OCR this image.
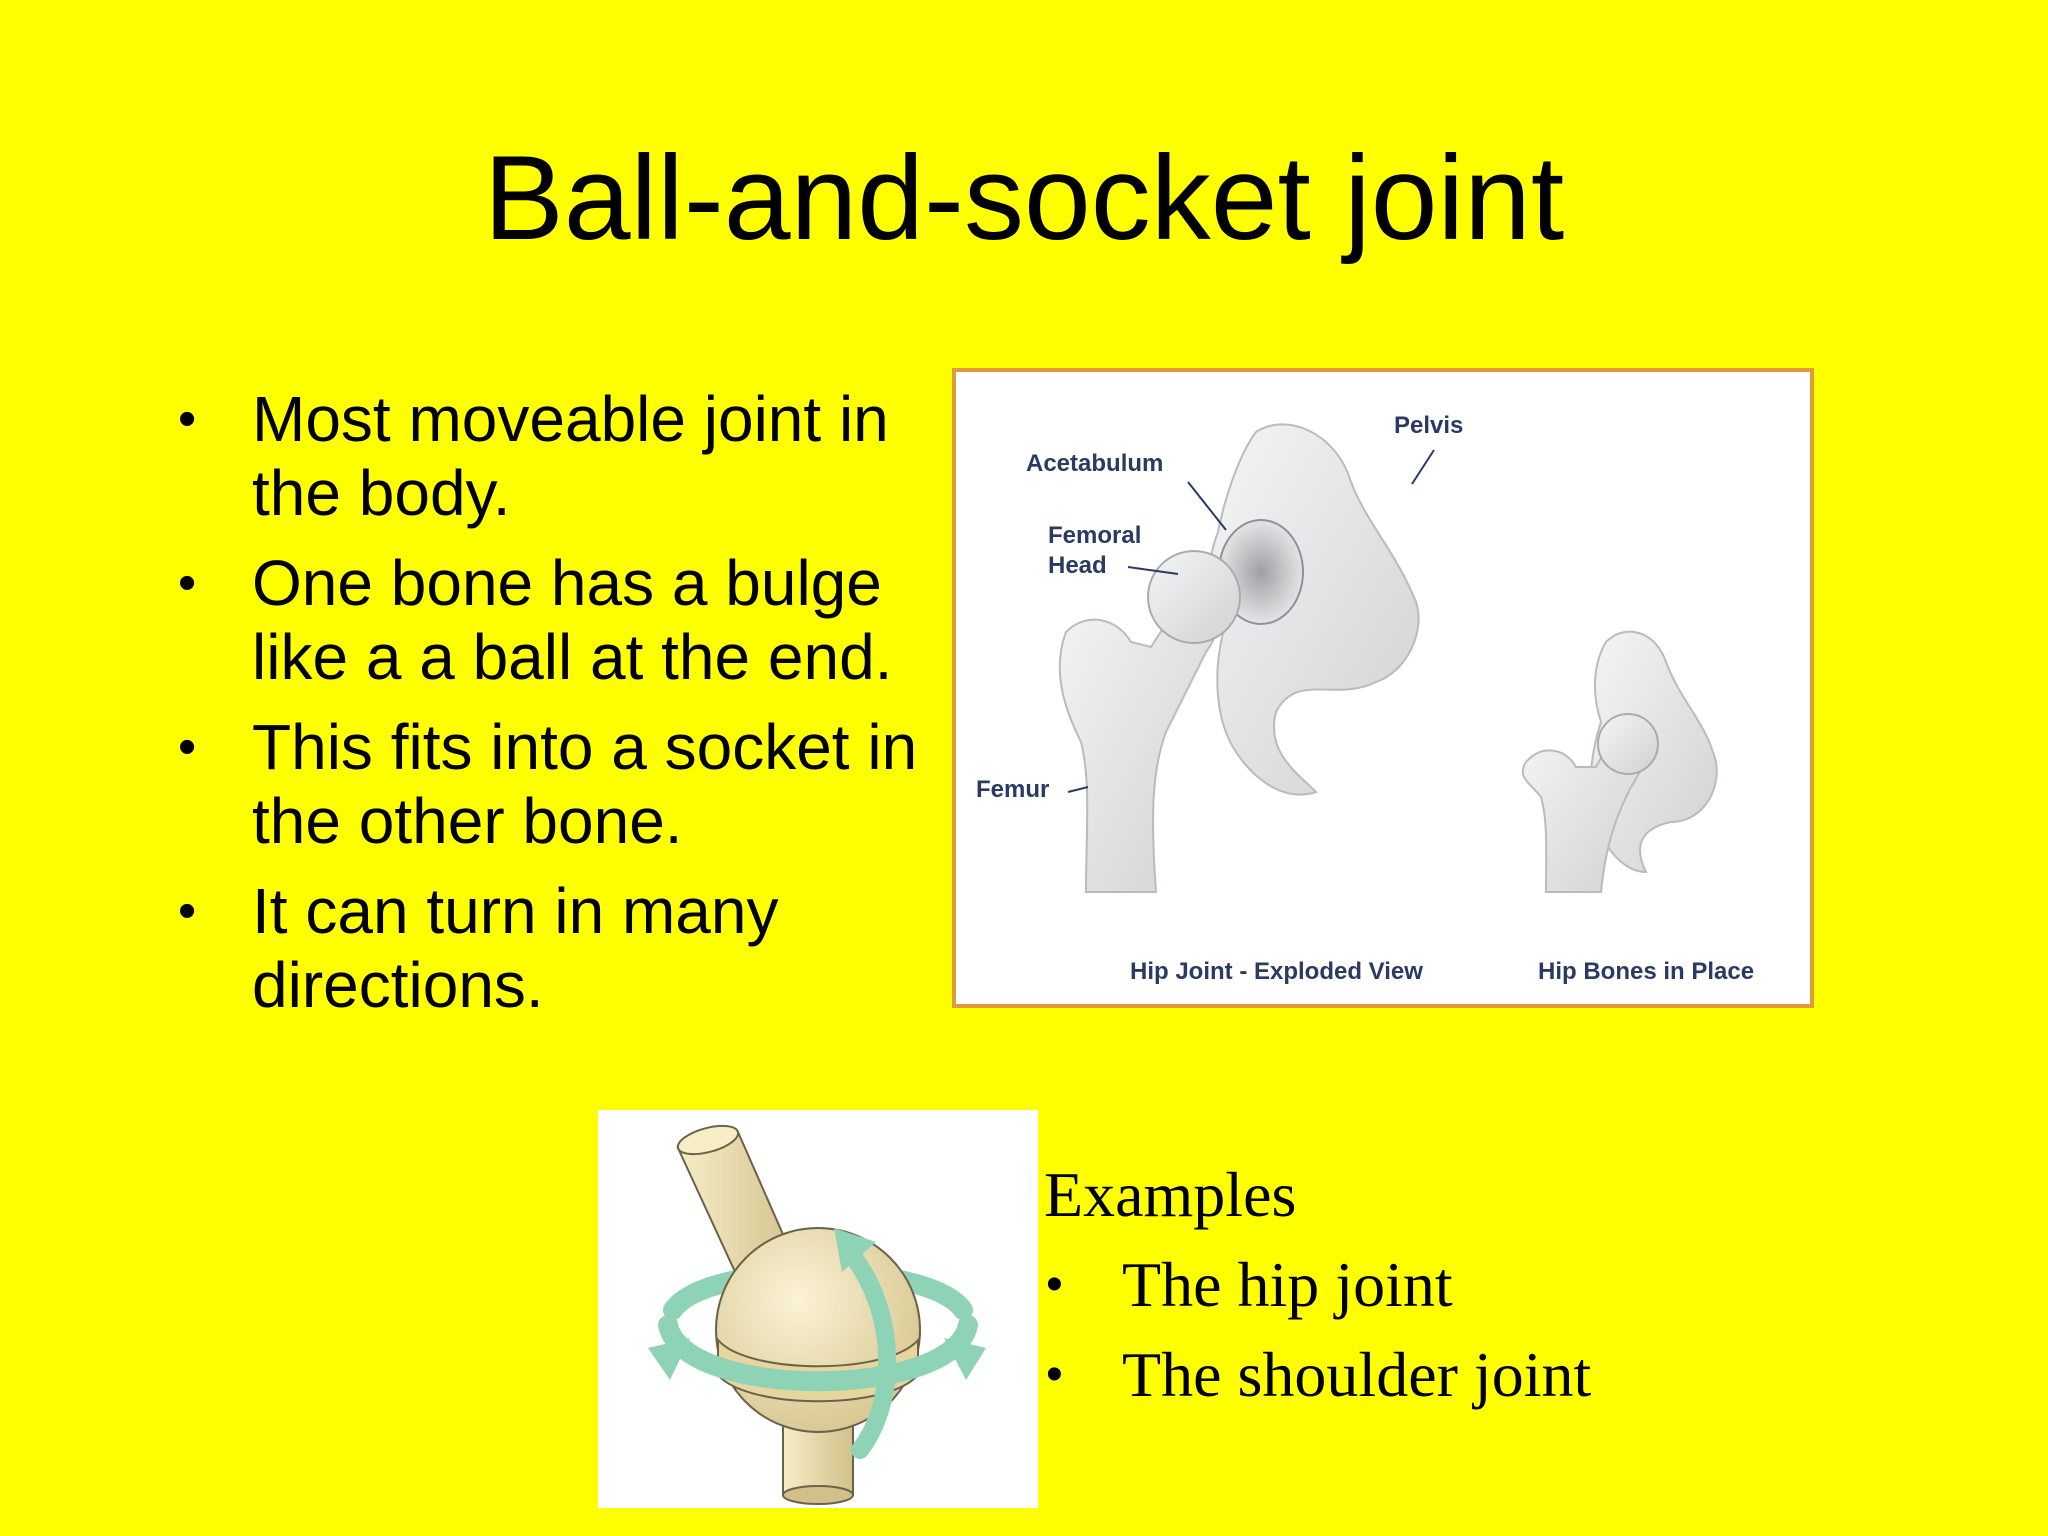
Ball-and-socket joint
• Most moveable joint in
the body.
• One bone has a bulge
like a a ball at the end.
• This fits into a socket in
the other bone.
• It can turn in many
directions.
Pelvis
Acetabulum
Femoral
Head
Femur
Hip Joint - Exploded View	Hip Bones in Place
Examples
• The hip joint
• The shoulder joint
